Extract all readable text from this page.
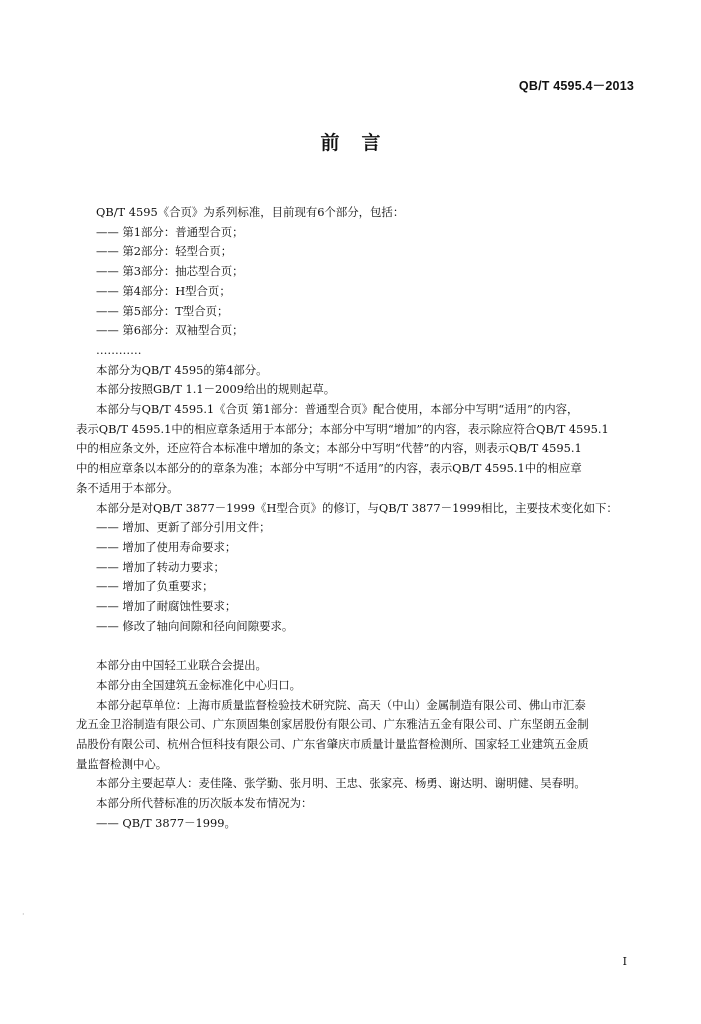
QB/T 4595.4－2013
前言
QB/T 4595《合页》为系列标准，目前现有6个部分，包括：
—— 第1部分：普通型合页；
—— 第2部分：轻型合页；
—— 第3部分：抽芯型合页；
—— 第4部分：H型合页；
—— 第5部分：T型合页；
—— 第6部分：双袖型合页；
…………
本部分为QB/T 4595的第4部分。
本部分按照GB/T 1.1－2009给出的规则起草。
本部分与QB/T 4595.1《合页 第1部分：普通型合页》配合使用，本部分中写明“适用”的内容，
表示QB/T 4595.1中的相应章条适用于本部分；本部分中写明“增加”的内容，表示除应符合QB/T 4595.1
中的相应条文外，还应符合本标准中增加的条文；本部分中写明“代替”的内容，则表示QB/T 4595.1
中的相应章条以本部分的的章条为准；本部分中写明“不适用”的内容，表示QB/T 4595.1中的相应章
条不适用于本部分。
本部分是对QB/T 3877－1999《H型合页》的修订，与QB/T 3877－1999相比，主要技术变化如下：
—— 增加、更新了部分引用文件；
—— 增加了使用寿命要求；
—— 增加了转动力要求；
—— 增加了负重要求；
—— 增加了耐腐蚀性要求；
—— 修改了轴向间隙和径向间隙要求。
本部分由中国轻工业联合会提出。
本部分由全国建筑五金标准化中心归口。
本部分起草单位：上海市质量监督检验技术研究院、高天（中山）金属制造有限公司、佛山市汇泰
龙五金卫浴制造有限公司、广东顶固集创家居股份有限公司、广东雅洁五金有限公司、广东坚朗五金制
品股份有限公司、杭州合恒科技有限公司、广东省肇庆市质量计量监督检测所、国家轻工业建筑五金质
量监督检测中心。
本部分主要起草人：麦佳隆、张学勤、张月明、王忠、张家亮、杨勇、谢达明、谢明健、吴春明。
本部分所代替标准的历次版本发布情况为：
—— QB/T 3877－1999。
·
I
